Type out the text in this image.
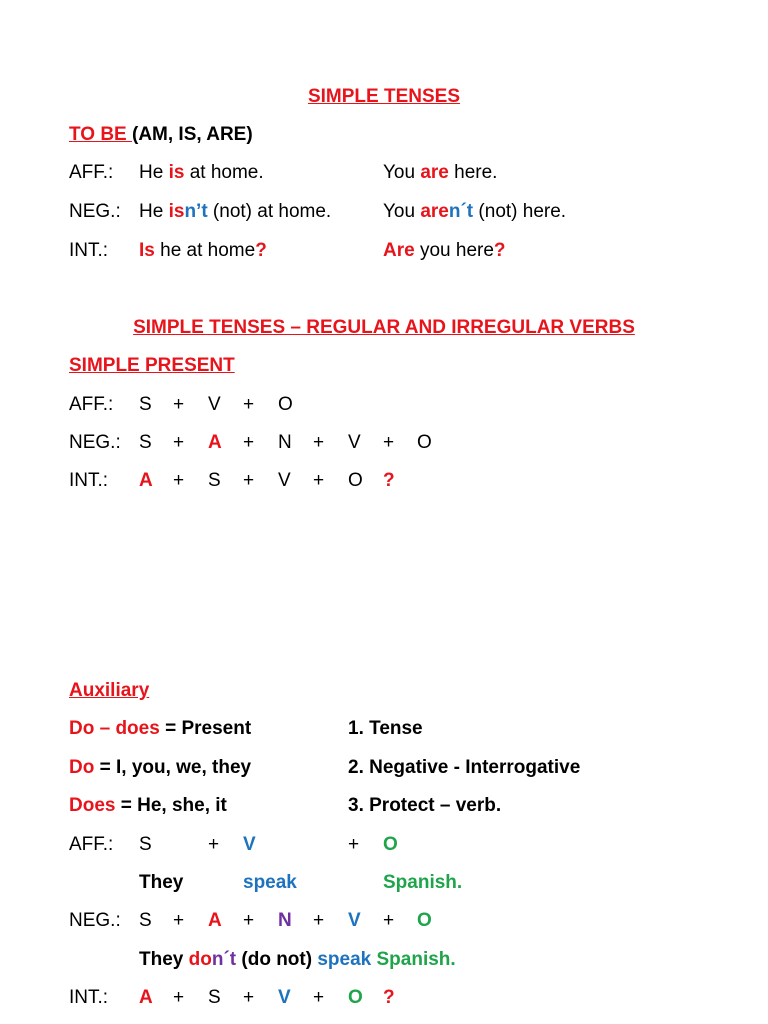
SIMPLE TENSES
TO BE (AM, IS, ARE)
AFF.: He is at home.	You are here.
NEG.: He isn’t (not) at home.	You aren´t (not) here.
INT.: Is he at home?	Are you here?
SIMPLE TENSES – REGULAR AND IRREGULAR VERBS
SIMPLE PRESENT
AFF.: S + V + O
NEG.: S + A + N + V + O
INT.: A + S + V + O ?
Auxiliary
Do – does = Present	1. Tense
Do = I, you, we, they	2. Negative - Interrogative
Does = He, she, it	3. Protect – verb.
AFF.: S	+ V	+ O
They	speak	Spanish.
NEG.: S + A + N + V + O
They don´t (do not) speak Spanish.
INT.: A + S + V + O ?
